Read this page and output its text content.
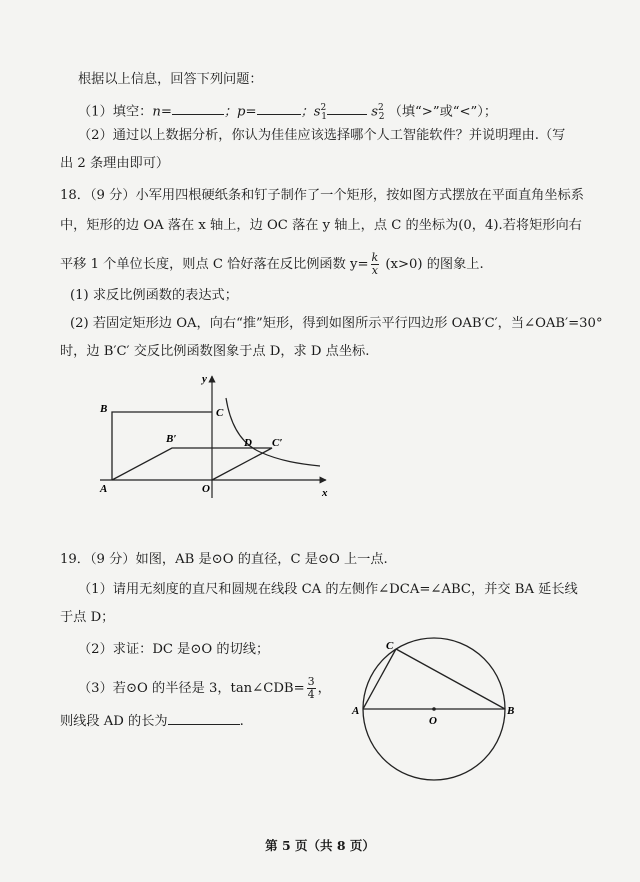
根据以上信息，回答下列问题：
（1）填空：n=	；p=	；$s^2_1$	$s^2_2$ （填“>”或“<”）；
（2）通过以上数据分析，你认为佳佳应该选择哪个人工智能软件？并说明理由.（写
出 2 条理由即可）
18．（9 分）小军用四根硬纸条和钉子制作了一个矩形，按如图方式摆放在平面直角坐标系
中，矩形的边 OA 落在 x 轴上，边 OC 落在 y 轴上，点 C 的坐标为(0，4).若将矩形向右
平移 1 个单位长度，则点 C 恰好落在反比例函数 $y= \frac{k}{x} (x>0)$ 的图象上.
(1) 求反比例函数的表达式；
(2) 若固定矩形边 OA，向右“推”矩形，得到如图所示平行四边形 OAB′C′，当∠OAB′=30°
时，边 B′C′ 交反比例函数图象于点 D，求 D 点坐标.
y
x
B	C
B′	D C′
A	O
19．（9 分）如图，AB 是⊙O 的直径，C 是⊙O 上一点.
（1）请用无刻度的直尺和圆规在线段 CA 的左侧作∠DCA=∠ABC，并交 BA 延长线
于点 D；
（2）求证：DC 是⊙O 的切线；
（3）若⊙O 的半径是 3，tan∠CDB= $\frac{3}{4}$ ，
则线段 AD 的长为	.
C
A
O
B
第 5 页（共 8 页）
